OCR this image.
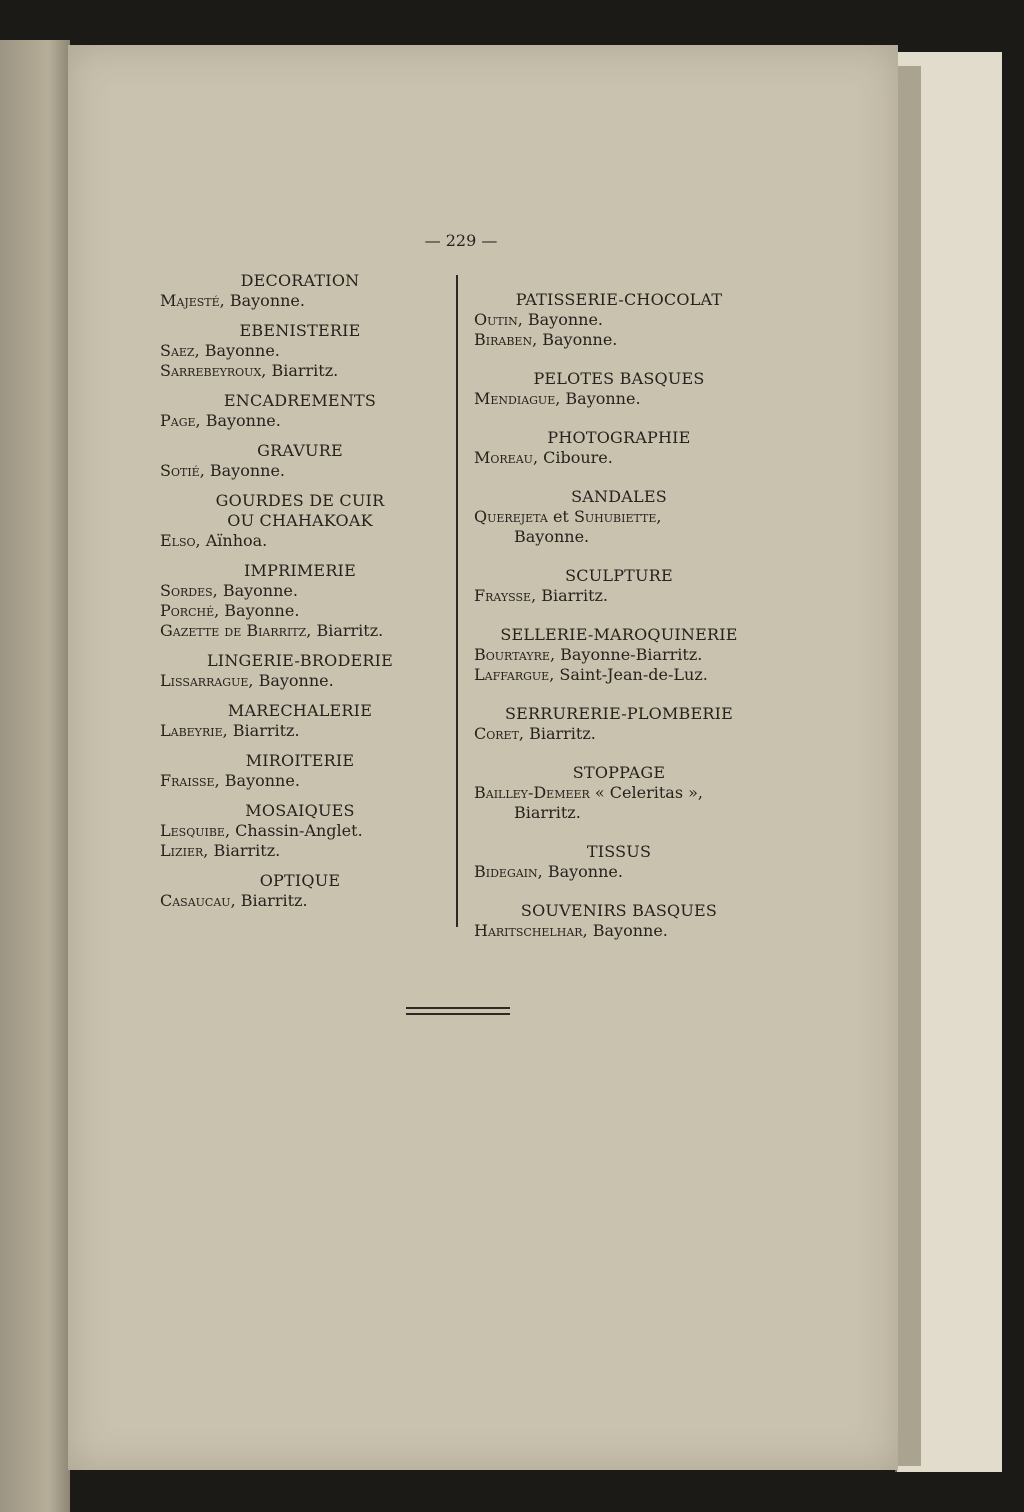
— 229 —
DECORATION
Majesté, Bayonne.
EBENISTERIE
Saez, Bayonne.
Sarrebeyroux, Biarritz.
ENCADREMENTS
Page, Bayonne.
GRAVURE
Sotié, Bayonne.
GOURDES DE CUIR
OU CHAHAKOAK
Elso, Aïnhoa.
IMPRIMERIE
Sordes, Bayonne.
Porché, Bayonne.
Gazette de Biarritz, Biarritz.
LINGERIE-BRODERIE
Lissarrague, Bayonne.
MARECHALERIE
Labeyrie, Biarritz.
MIROITERIE
Fraisse, Bayonne.
MOSAIQUES
Lesquibe, Chassin-Anglet.
Lizier, Biarritz.
OPTIQUE
Casaucau, Biarritz.
PATISSERIE-CHOCOLAT
Outin, Bayonne.
Biraben, Bayonne.
PELOTES BASQUES
Mendiague, Bayonne.
PHOTOGRAPHIE
Moreau, Ciboure.
SANDALES
Querejeta et Suhubiette,
Bayonne.
SCULPTURE
Fraysse, Biarritz.
SELLERIE-MAROQUINERIE
Bourtayre, Bayonne-Biarritz.
Laffargue, Saint-Jean-de-Luz.
SERRURERIE-PLOMBERIE
Coret, Biarritz.
STOPPAGE
Bailley-Demeer « Celeritas »,
Biarritz.
TISSUS
Bidegain, Bayonne.
SOUVENIRS BASQUES
Haritschelhar, Bayonne.
